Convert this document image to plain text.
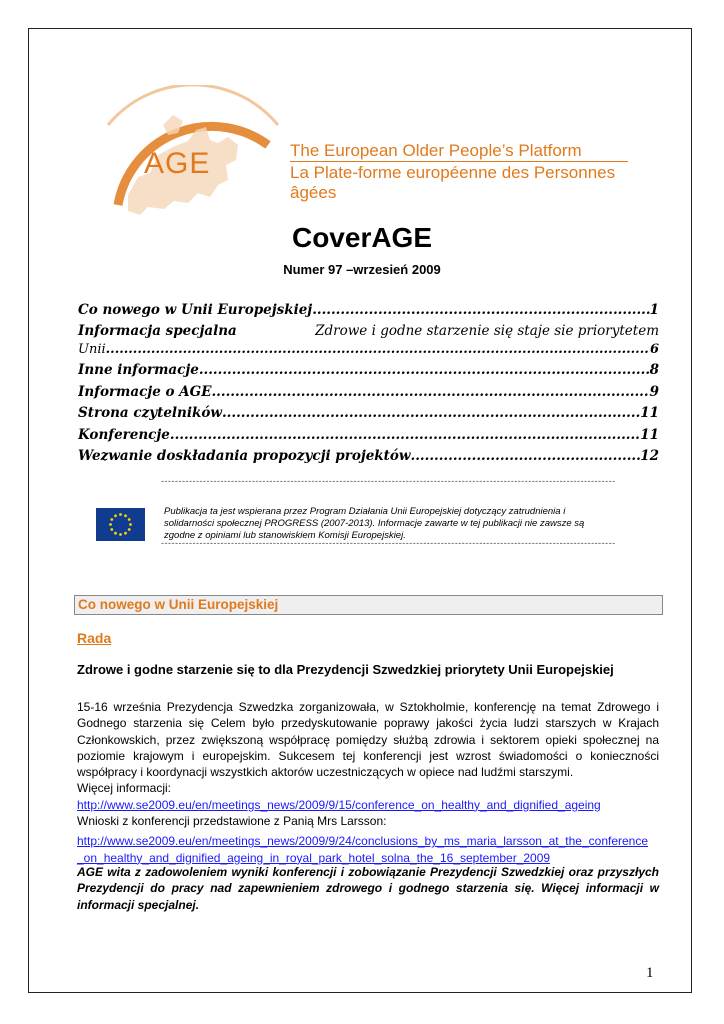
AGE	The European Older People’s Platform
La Plate-forme européenne des Personnes âgées
CoverAGE
Numer 97 –wrzesień 2009
Co nowego w Unii Europejskiej .....	1
Informacja specjalna	Zdrowe i godne starzenie się staje sie priorytetem
Unii .....	6
Inne informacje .....	8
Informacje o AGE .....	9
Strona czytelników .....	11
Konferencje .....	11
Wezwanie doskładania propozycji projektów .....	12
-----
Publikacja ta jest wspierana przez Program Działania Unii Europejskiej dotyczący zatrudnienia i
solidarności społecznej PROGRESS (2007-2013). Informacje zawarte w tej publikacji nie zawsze są
zgodne z opiniami lub stanowiskiem Komisji Europejskiej.
-----
Co nowego w Unii Europejskiej
Rada
Zdrowe i godne starzenie się to dla Prezydencji Szwedzkiej priorytety Unii Europejskiej
15-16 września Prezydencja Szwedzka zorganizowała, w Sztokholmie, konferencję na temat Zdrowego i Godnego starzenia się Celem było przedyskutowanie poprawy jakości życia ludzi starszych w Krajach Członkowskich, przez zwiększoną współpracę pomiędzy służbą zdrowia i sektorem opieki społecznej na poziomie krajowym i europejskim. Sukcesem tej konferencji jest wzrost świadomości o konieczności współpracy i koordynacji wszystkich aktorów uczestniczących w opiece nad ludźmi starszymi.
Więcej informacji:
http://www.se2009.eu/en/meetings_news/2009/9/15/conference_on_healthy_and_dignified_ageing
Wnioski z konferencji przedstawione z Panią Mrs Larsson:
http://www.se2009.eu/en/meetings_news/2009/9/24/conclusions_by_ms_maria_larsson_at_the_conference
_on_healthy_and_dignified_ageing_in_royal_park_hotel_solna_the_16_september_2009
AGE wita z zadowoleniem wyniki konferencji i zobowiązanie Prezydencji Szwedzkiej oraz przyszłych Prezydencji do pracy nad zapewnieniem zdrowego i godnego starzenia się. Więcej informacji w informacji specjalnej.
1
